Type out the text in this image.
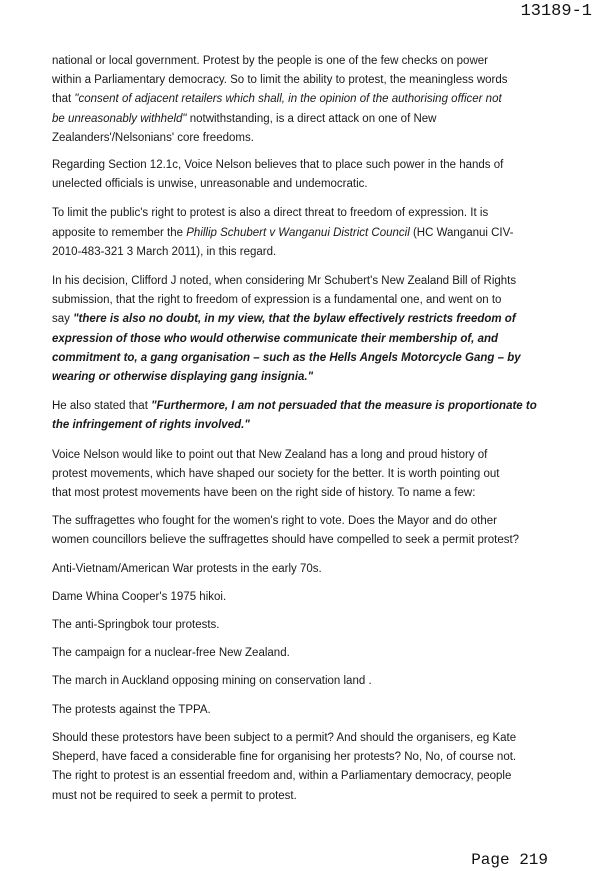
13189-1

national or local government. Protest by the people is one of the few checks on power
within a Parliamentary democracy. So to limit the ability to protest, the meaningless words
that "consent of adjacent retailers which shall, in the opinion of the authorising officer not
be unreasonably withheld" notwithstanding, is a direct attack on one of New
Zealanders'/Nelsonians' core freedoms.

Regarding Section 12.1c, Voice Nelson believes that to place such power in the hands of
unelected officials is unwise, unreasonable and undemocratic.

To limit the public's right to protest is also a direct threat to freedom of expression. It is
apposite to remember the Phillip Schubert v Wanganui District Council (HC Wanganui CIV-
2010-483-321 3 March 2011), in this regard.

In his decision, Clifford J noted, when considering Mr Schubert's New Zealand Bill of Rights
submission, that the right to freedom of expression is a fundamental one, and went on to
say "there is also no doubt, in my view, that the bylaw effectively restricts freedom of
expression of those who would otherwise communicate their membership of, and
commitment to, a gang organisation – such as the Hells Angels Motorcycle Gang – by
wearing or otherwise displaying gang insignia."

He also stated that "Furthermore, I am not persuaded that the measure is proportionate to
the infringement of rights involved."

Voice Nelson would like to point out that New Zealand has a long and proud history of
protest movements, which have shaped our society for the better. It is worth pointing out
that most protest movements have been on the right side of history. To name a few:

The suffragettes who fought for the women's right to vote. Does the Mayor and do other
women councillors believe the suffragettes should have compelled to seek a permit protest?

Anti-Vietnam/American War protests in the early 70s.

Dame Whina Cooper's 1975 hikoi.

The anti-Springbok tour protests.

The campaign for a nuclear-free New Zealand.

The march in Auckland opposing mining on conservation land .

The protests against the TPPA.

Should these protestors have been subject to a permit? And should the organisers, eg Kate
Sheperd, have faced a considerable fine for organising her protests? No, No, of course not.
The right to protest is an essential freedom and, within a Parliamentary democracy, people
must not be required to seek a permit to protest.

Page 219
